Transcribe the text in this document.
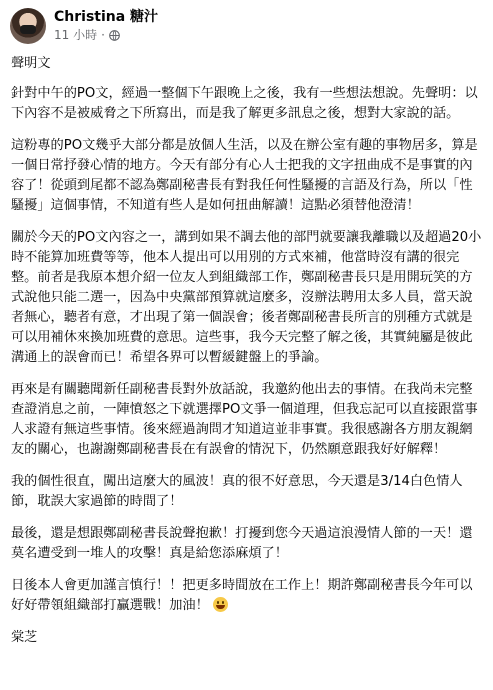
Christina 糖汁
11 小時 ·

聲明文

針對中午的PO文，經過一整個下午跟晚上之後，我有一些想法想說。先聲明：以下內容不是被威脅之下所寫出，而是我了解更多訊息之後，想對大家說的話。

這粉專的PO文幾乎大部分都是放個人生活，以及在辦公室有趣的事物居多，算是一個日常抒發心情的地方。今天有部分有心人士把我的文字扭曲成不是事實的內容了！從頭到尾都不認為鄭副秘書長有對我任何性騷擾的言語及行為，所以「性騷擾」這個事情，不知道有些人是如何扭曲解讀！這點必須替他澄清！

關於今天的PO文內容之一，講到如果不調去他的部門就要讓我離職以及超過20小時不能算加班費等等，他本人提出可以用別的方式來補，他當時沒有講的很完整。前者是我原本想介紹一位友人到組織部工作，鄭副秘書長只是用開玩笑的方式說他只能二選一，因為中央黨部預算就這麼多，沒辦法聘用太多人員，當天說者無心，聽者有意，才出現了第一個誤會；後者鄭副秘書長所言的別種方式就是可以用補休來換加班費的意思。這些事，我今天完整了解之後，其實純屬是彼此溝通上的誤會而已！希望各界可以暫緩鍵盤上的爭論。

再來是有關聽聞新任副秘書長對外放話說，我邀約他出去的事情。在我尚未完整查證消息之前，一陣憤怒之下就選擇PO文爭一個道理，但我忘記可以直接跟當事人求證有無這些事情。後來經過詢問才知道這並非事實。我很感謝各方朋友親網友的關心，也謝謝鄭副秘書長在有誤會的情況下，仍然願意跟我好好解釋！

我的個性很直，闖出這麼大的風波！真的很不好意思，今天還是3/14白色情人節，耽誤大家過節的時間了！

最後，還是想跟鄭副秘書長說聲抱歉！打擾到您今天過這浪漫情人節的一天！還莫名遭受到一堆人的攻擊！真是給您添麻煩了！

日後本人會更加謹言慎行！！把更多時間放在工作上！期許鄭副秘書長今年可以好好帶領組織部打贏選戰！加油！

棠芝
